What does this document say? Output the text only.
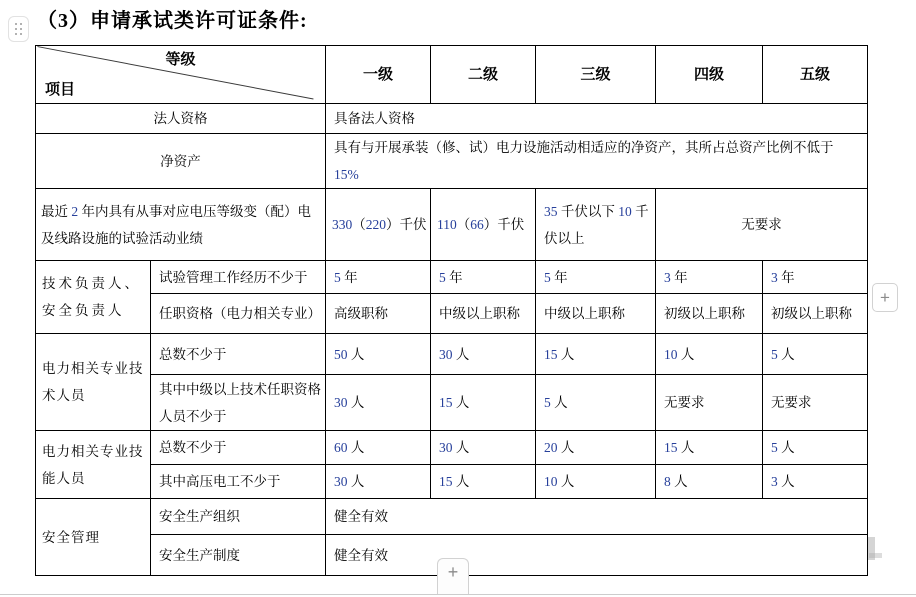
（3）申请承试类许可证条件:
等级
项目		一级	二级	三级	四级	五级
法人资格		具备法人资格				
净资产		具有与开展承装（修、试）电力设施活动相适应的净资产，其所占总资产比例不低于 15%				
最近 2 年内具有从事对应电压等级变（配）电及线路设施的试验活动业绩		330（220）千伏	110（66）千伏	35 千伏以下 10 千伏以上	无要求	
技术负责人、安全负责人	试验管理工作经历不少于	5 年	5 年	5 年	3 年	3 年
	任职资格（电力相关专业）	高级职称	中级以上职称	中级以上职称	初级以上职称	初级以上职称
电力相关专业技术人员	总数不少于	50 人	30 人	15 人	10 人	5 人
	其中中级以上技术任职资格人员不少于	30 人	15 人	5 人	无要求	无要求
电力相关专业技能人员	总数不少于	60 人	30 人	20 人	15 人	5 人
	其中高压电工不少于	30 人	15 人	10 人	8 人	3 人
安全管理	安全生产组织	健全有效				
	安全生产制度	健全有效				
+
+
